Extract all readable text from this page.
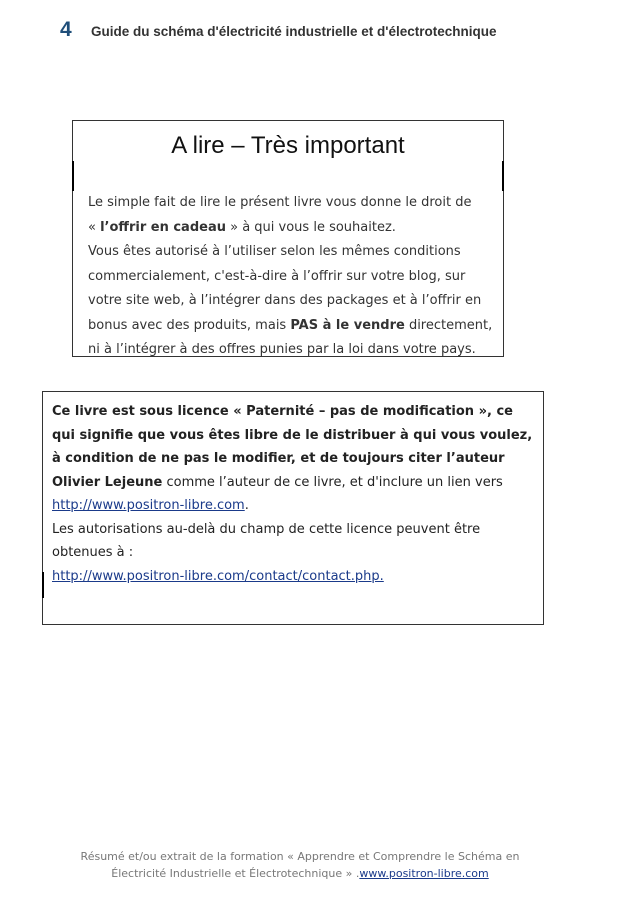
4 Guide du schéma d'électricité industrielle et d'électrotechnique
A lire – Très important

Le simple fait de lire le présent livre vous donne le droit de

« l’offrir en cadeau » à qui vous le souhaitez.

Vous êtes autorisé à l’utiliser selon les mêmes conditions commercialement, c'est-à-dire à l’offrir sur votre blog, sur votre site web, à l’intégrer dans des packages et à l’offrir en bonus avec des produits, mais PAS à le vendre directement, ni à l’intégrer à des offres punies par la loi dans votre pays.

Ce livre est sous licence « Paternité – pas de modification », ce qui signifie que vous êtes libre de le distribuer à qui vous voulez, à condition de ne pas le modifier, et de toujours citer l’auteur Olivier Lejeune comme l’auteur de ce livre, et d'inclure un lien vers
http://www.positron-libre.com.

Les autorisations au-delà du champ de cette licence peuvent être obtenues à :

http://www.positron-libre.com/contact/contact.php.

Résumé et/ou extrait de la formation « Apprendre et Comprendre le Schéma en
Électricité Industrielle et Électrotechnique » .www.positron-libre.com
